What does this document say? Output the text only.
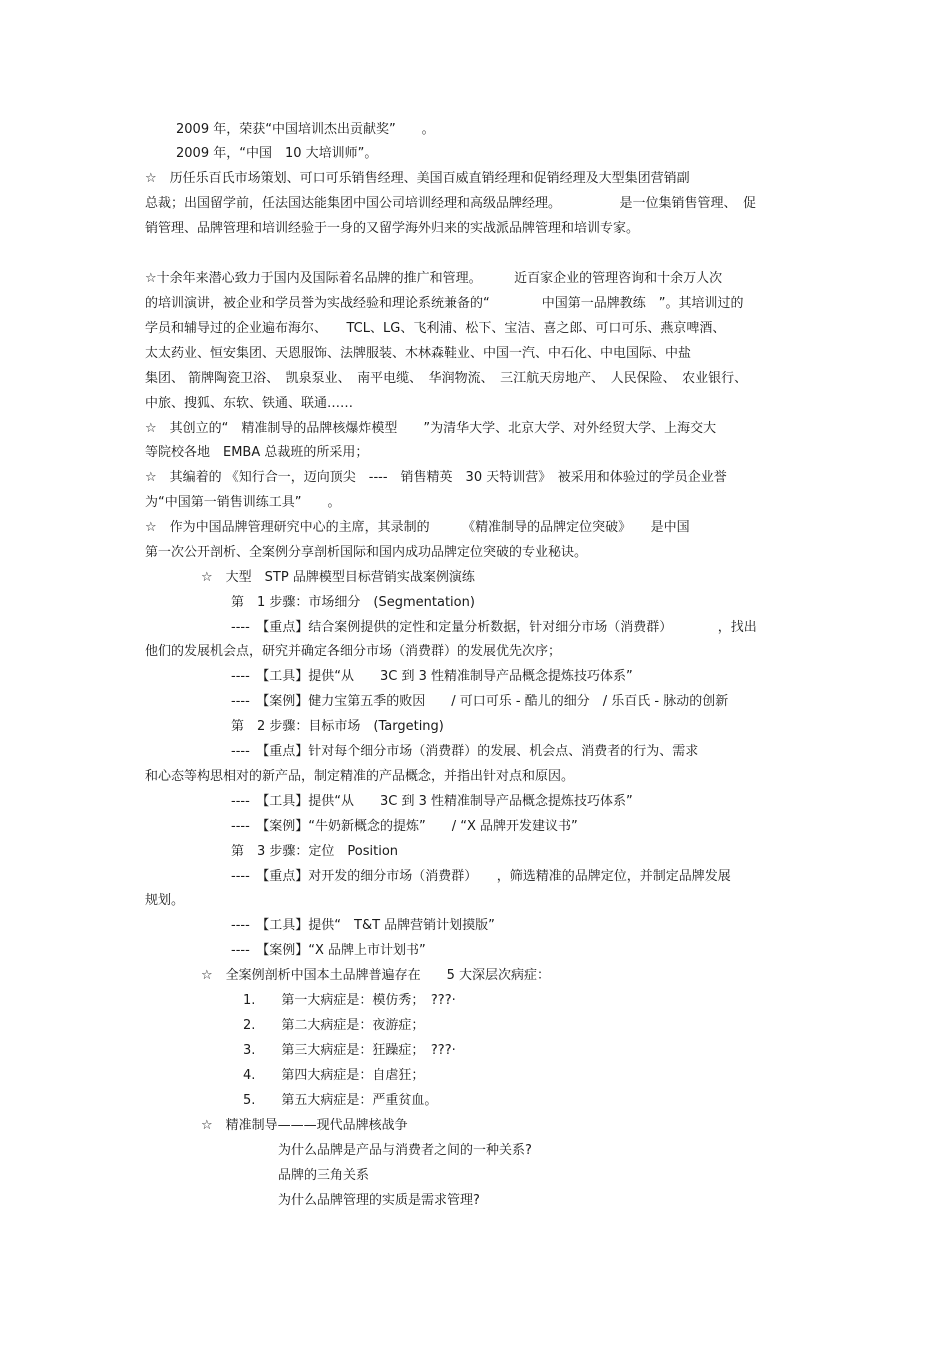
2009 年，荣获“中国培训杰出贡献奖”　　。
2009 年，“中国　10 大培训师”。
☆　历任乐百氏市场策划、可口可乐销售经理、美国百威直销经理和促销经理及大型集团营销副
总裁；出国留学前，任法国达能集团中国公司培训经理和高级品牌经理。　　　　　是一位集销售管理、　促
销管理、品牌管理和培训经验于一身的又留学海外归来的实战派品牌管理和培训专家。
☆十余年来潜心致力于国内及国际着名品牌的推广和管理。　　　近百家企业的管理咨询和十余万人次
的培训演讲，被企业和学员誉为实战经验和理论系统兼备的“　　　　中国第一品牌教练　”。其培训过的
学员和辅导过的企业遍布海尔、　　TCL、LG、飞利浦、松下、宝洁、喜之郎、可口可乐、燕京啤酒、
太太药业、恒安集团、天恩服饰、法牌服装、木林森鞋业、中国一汽、中石化、中电国际、中盐
集团、 箭牌陶瓷卫浴、　凯泉泵业、　南平电缆、　华润物流、　三江航天房地产、　人民保险、　农业银行、
中旅、搜狐、东软、铁通、联通……
☆　其创立的“　精准制导的品牌核爆炸模型　　”为清华大学、北京大学、对外经贸大学、上海交大
等院校各地　EMBA 总裁班的所采用；
☆　其编着的 《知行合一，迈向顶尖　----　销售精英　30 天特训营》　被采用和体验过的学员企业誉
为“中国第一销售训练工具”　　。
☆　作为中国品牌管理研究中心的主席，其录制的　　　《精准制导的品牌定位突破》　　是中国
第一次公开剖析、全案例分享剖析国际和国内成功品牌定位突破的专业秘诀。
☆　大型　STP 品牌模型目标营销实战案例演练
第　1 步骤：市场细分　(Segmentation)
----　【重点】结合案例提供的定性和定量分析数据，针对细分市场（消费群）　　　　，找出
他们的发展机会点，研究并确定各细分市场（消费群）的发展优先次序；
----　【工具】提供“从　　3C 到 3 性精准制导产品概念提炼技巧体系”
----　【案例】健力宝第五季的败因　　/ 可口可乐 - 酷儿的细分　/ 乐百氏 - 脉动的创新
第　2 步骤：目标市场　(Targeting)
----　【重点】针对每个细分市场（消费群）的发展、机会点、消费者的行为、需求
和心态等构思相对的新产品，制定精准的产品概念，并指出针对点和原因。
----　【工具】提供“从　　3C 到 3 性精准制导产品概念提炼技巧体系”
----　【案例】“牛奶新概念的提炼”　　/ “X 品牌开发建议书”
第　3 步骤：定位　Position
----　【重点】对开发的细分市场（消费群）　　，筛选精准的品牌定位，并制定品牌发展
规划。
----　【工具】提供“　T&T 品牌营销计划摸版”
----　【案例】“X 品牌上市计划书”
☆　全案例剖析中国本土品牌普遍存在　　5 大深层次病症：
1.　　第一大病症是：模仿秀；　???·
2.　　第二大病症是：夜游症；
3.　　第三大病症是：狂躁症；　???·
4.　　第四大病症是：自虐狂；
5.　　第五大病症是：严重贫血。
☆　精准制导———现代品牌核战争
为什么品牌是产品与消费者之间的一种关系?
品牌的三角关系
为什么品牌管理的实质是需求管理?
